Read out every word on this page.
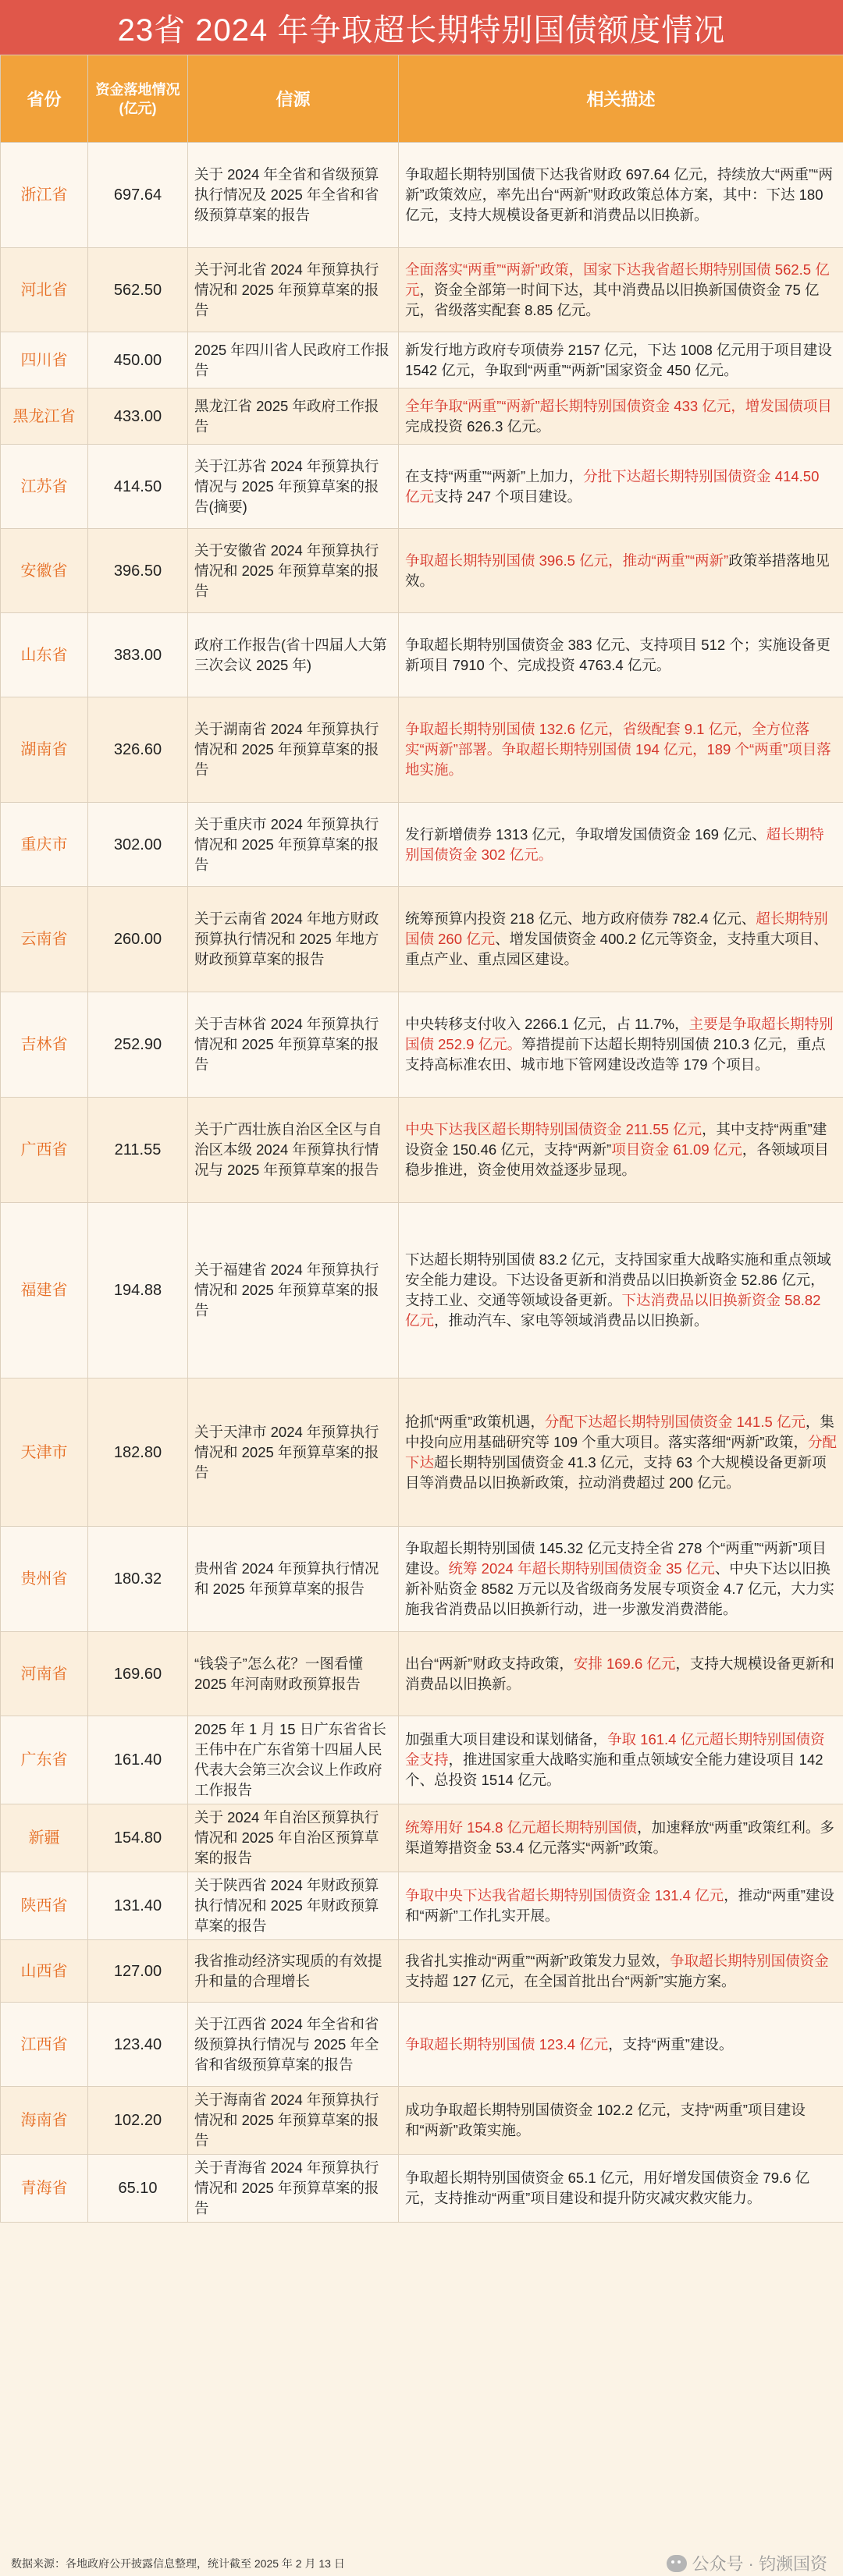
23省 2024 年争取超长期特别国债额度情况
省份	资金落地情况(亿元)	信源	相关描述
浙江省	697.64	关于 2024 年全省和省级预算执行情况及 2025 年全省和省级预算草案的报告	争取超长期特别国债下达我省财政 697.64 亿元，持续放大“两重”“两新”政策效应，率先出台“两新”财政政策总体方案，其中：下达 180 亿元，支持大规模设备更新和消费品以旧换新。
河北省	562.50	关于河北省 2024 年预算执行情况和 2025 年预算草案的报告	全面落实“两重”“两新”政策，国家下达我省超长期特别国债 562.5 亿元，资金全部第一时间下达，其中消费品以旧换新国债资金 75 亿元，省级落实配套 8.85 亿元。
四川省	450.00	2025 年四川省人民政府工作报告	新发行地方政府专项债券 2157 亿元，下达 1008 亿元用于项目建设 1542 亿元，争取到“两重”“两新”国家资金 450 亿元。
黑龙江省	433.00	黑龙江省 2025 年政府工作报告	全年争取“两重”“两新”超长期特别国债资金 433 亿元，增发国债项目完成投资 626.3 亿元。
江苏省	414.50	关于江苏省 2024 年预算执行情况与 2025 年预算草案的报告(摘要)	在支持“两重”“两新”上加力，分批下达超长期特别国债资金 414.50 亿元支持 247 个项目建设。
安徽省	396.50	关于安徽省 2024 年预算执行情况和 2025 年预算草案的报告	争取超长期特别国债 396.5 亿元，推动“两重”“两新”政策举措落地见效。
山东省	383.00	政府工作报告(省十四届人大第三次会议 2025 年)	争取超长期特别国债资金 383 亿元、支持项目 512 个；实施设备更新项目 7910 个、完成投资 4763.4 亿元。
湖南省	326.60	关于湖南省 2024 年预算执行情况和 2025 年预算草案的报告	争取超长期特别国债 132.6 亿元，省级配套 9.1 亿元，全方位落实“两新”部署。争取超长期特别国债 194 亿元，189 个“两重”项目落地实施。
重庆市	302.00	关于重庆市 2024 年预算执行情况和 2025 年预算草案的报告	发行新增债券 1313 亿元，争取增发国债资金 169 亿元、超长期特别国债资金 302 亿元。
云南省	260.00	关于云南省 2024 年地方财政预算执行情况和 2025 年地方财政预算草案的报告	统筹预算内投资 218 亿元、地方政府债券 782.4 亿元、超长期特别国债 260 亿元、增发国债资金 400.2 亿元等资金，支持重大项目、重点产业、重点园区建设。
吉林省	252.90	关于吉林省 2024 年预算执行情况和 2025 年预算草案的报告	中央转移支付收入 2266.1 亿元，占 11.7%，主要是争取超长期特别国债 252.9 亿元。筹措提前下达超长期特别国债 210.3 亿元，重点支持高标准农田、城市地下管网建设改造等 179 个项目。
广西省	211.55	关于广西壮族自治区全区与自治区本级 2024 年预算执行情况与 2025 年预算草案的报告	中央下达我区超长期特别国债资金 211.55 亿元，其中支持“两重”建设资金 150.46 亿元，支持“两新”项目资金 61.09 亿元，各领域项目稳步推进，资金使用效益逐步显现。
福建省	194.88	关于福建省 2024 年预算执行情况和 2025 年预算草案的报告	下达超长期特别国债 83.2 亿元，支持国家重大战略实施和重点领域安全能力建设。下达设备更新和消费品以旧换新资金 52.86 亿元，支持工业、交通等领域设备更新。下达消费品以旧换新资金 58.82 亿元，推动汽车、家电等领域消费品以旧换新。
天津市	182.80	关于天津市 2024 年预算执行情况和 2025 年预算草案的报告	抢抓“两重”政策机遇，分配下达超长期特别国债资金 141.5 亿元，集中投向应用基础研究等 109 个重大项目。落实落细“两新”政策，分配下达超长期特别国债资金 41.3 亿元，支持 63 个大规模设备更新项目等消费品以旧换新政策，拉动消费超过 200 亿元。
贵州省	180.32	贵州省 2024 年预算执行情况和 2025 年预算草案的报告	争取超长期特别国债 145.32 亿元支持全省 278 个“两重”“两新”项目建设。统筹 2024 年超长期特别国债资金 35 亿元、中央下达以旧换新补贴资金 8582 万元以及省级商务发展专项资金 4.7 亿元，大力实施我省消费品以旧换新行动，进一步激发消费潜能。
河南省	169.60	“钱袋子”怎么花？一图看懂 2025 年河南财政预算报告	出台“两新”财政支持政策，安排 169.6 亿元，支持大规模设备更新和消费品以旧换新。
广东省	161.40	2025 年 1 月 15 日广东省省长王伟中在广东省第十四届人民代表大会第三次会议上作政府工作报告	加强重大项目建设和谋划储备，争取 161.4 亿元超长期特别国债资金支持，推进国家重大战略实施和重点领域安全能力建设项目 142 个、总投资 1514 亿元。
新疆	154.80	关于 2024 年自治区预算执行情况和 2025 年自治区预算草案的报告	统筹用好 154.8 亿元超长期特别国债，加速释放“两重”政策红利。多渠道筹措资金 53.4 亿元落实“两新”政策。
陕西省	131.40	关于陕西省 2024 年财政预算执行情况和 2025 年财政预算草案的报告	争取中央下达我省超长期特别国债资金 131.4 亿元，推动“两重”建设和“两新”工作扎实开展。
山西省	127.00	我省推动经济实现质的有效提升和量的合理增长	我省扎实推动“两重”“两新”政策发力显效，争取超长期特别国债资金支持超 127 亿元，在全国首批出台“两新”实施方案。
江西省	123.40	关于江西省 2024 年全省和省级预算执行情况与 2025 年全省和省级预算草案的报告	争取超长期特别国债 123.4 亿元，支持“两重”建设。
海南省	102.20	关于海南省 2024 年预算执行情况和 2025 年预算草案的报告	成功争取超长期特别国债资金 102.2 亿元，支持“两重”项目建设和“两新”政策实施。
青海省	65.10	关于青海省 2024 年预算执行情况和 2025 年预算草案的报告	争取超长期特别国债资金 65.1 亿元，用好增发国债资金 79.6 亿元，支持推动“两重”项目建设和提升防灾减灾救灾能力。
数据来源：各地政府公开披露信息整理，统计截至 2025 年 2 月 13 日	公众号 · 钧濒国资
